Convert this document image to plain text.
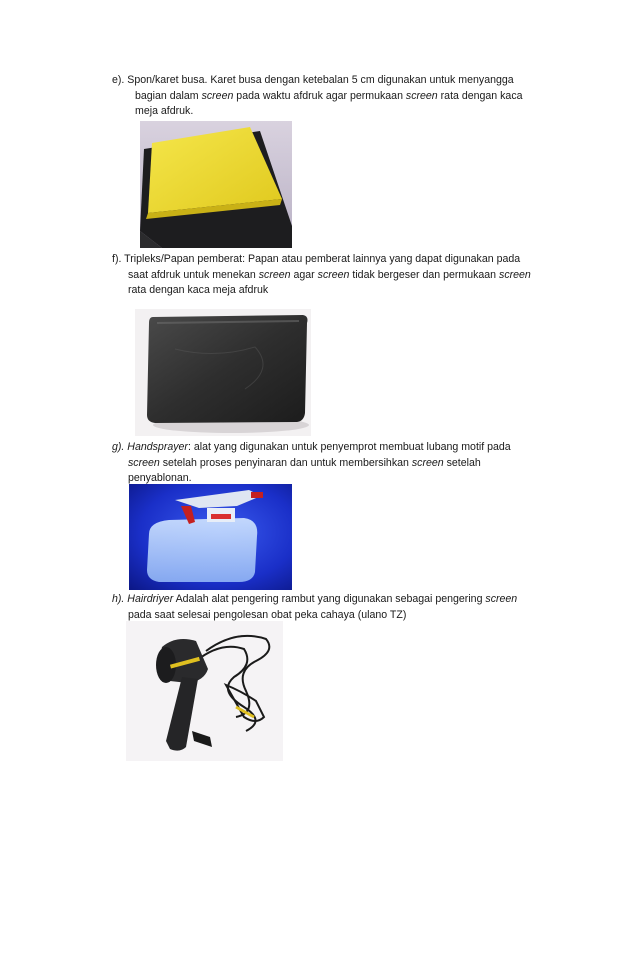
e). Spon/karet busa. Karet busa dengan ketebalan 5 cm digunakan untuk menyangga
bagian dalam screen pada waktu afdruk agar permukaan screen rata dengan kaca
meja afdruk.
f). Tripleks/Papan pemberat: Papan atau pemberat lainnya yang dapat digunakan pada
saat afdruk untuk menekan screen agar screen tidak bergeser dan permukaan screen
rata dengan kaca meja afdruk
g). Handsprayer: alat yang digunakan untuk penyemprot membuat lubang motif pada
screen setelah proses penyinaran dan untuk membersihkan screen setelah
penyablonan.
h). Hairdriyer Adalah alat pengering rambut yang digunakan sebagai pengering screen
pada saat selesai pengolesan obat peka cahaya (ulano TZ)
